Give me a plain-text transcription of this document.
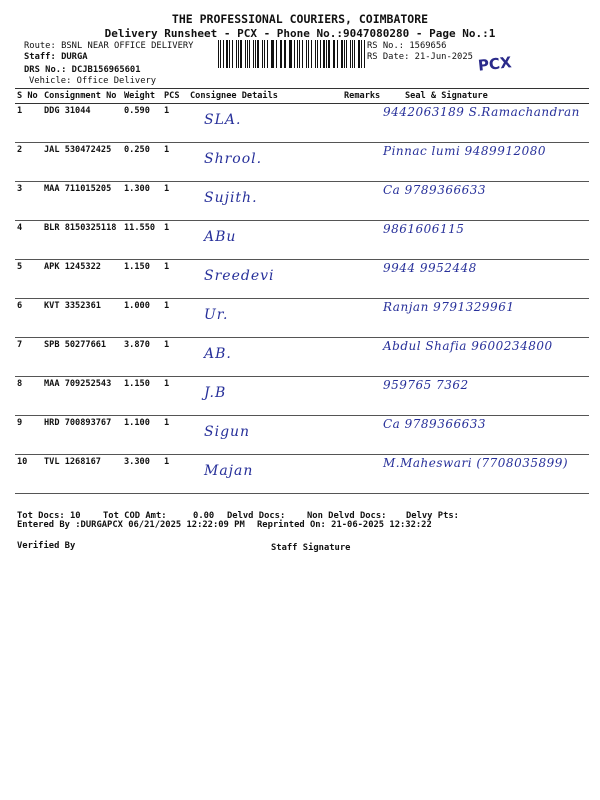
THE PROFESSIONAL COURIERS, COIMBATORE
Delivery Runsheet - PCX - Phone No.:9047080280 - Page No.:1
Route: BSNL NEAR OFFICE DELIVERY
Staff: DURGA
DRS No.: DCJB156965601
Vehicle: Office Delivery
RS No.: 1569656
RS Date: 21-Jun-2025 PCX
S No	Consignment No	Weight	PCS	Consignee Details	Remarks	Seal & Signature
1	DDG 31044	0.590	1	SLA.		9442063189 S.Ramachandran

2	JAL 530472425	0.250	1	Shrool.		Pinnac lumi 9489912080

3	MAA 711015205	1.300	1	Sujith.		Ca 9789366633

4	BLR 8150325118	11.550	1	ABu		9861606115

5	APK 1245322	1.150	1	Sreedevi		9944 9952448

6	KVT 3352361	1.000	1	Ur.		Ranjan 9791329961

7	SPB 50277661	3.870	1	AB.		Abdul Shafia 9600234800

8	MAA 709252543	1.150	1	J.B		959765 7362

9	HRD 700893767	1.100	1	Sigun		Ca 9789366633

10	TVL 1268167	3.300	1	Majan		M.Maheswari (7708035899)
Tot Docs: 10	Tot COD Amt:     0.00 Delvd Docs: Non Delvd Docs: Delvy Pts:
Entered By :DURGAPCX 06/21/2025 12:22:09 PM Reprinted On: 21-06-2025 12:32:22
Verified By	Staff Signature
